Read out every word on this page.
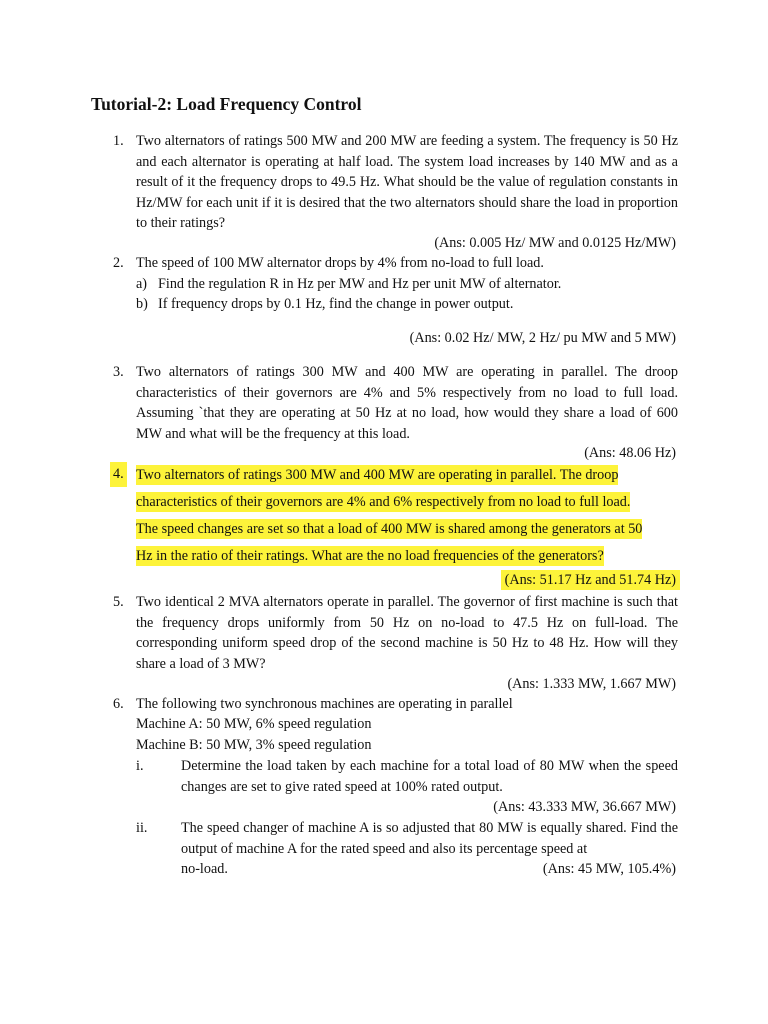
Tutorial-2: Load Frequency Control
1. Two alternators of ratings 500 MW and 200 MW are feeding a system. The frequency is 50 Hz and each alternator is operating at half load. The system load increases by 140 MW and as a result of it the frequency drops to 49.5 Hz. What should be the value of regulation constants in Hz/MW for each unit if it is desired that the two alternators should share the load in proportion to their ratings?
(Ans: 0.005 Hz/ MW and 0.0125 Hz/MW)
2. The speed of 100 MW alternator drops by 4% from no-load to full load.
a) Find the regulation R in Hz per MW and Hz per unit MW of alternator.
b) If frequency drops by 0.1 Hz, find the change in power output.
(Ans: 0.02 Hz/ MW, 2 Hz/ pu MW and 5 MW)
3. Two alternators of ratings 300 MW and 400 MW are operating in parallel. The droop characteristics of their governors are 4% and 5% respectively from no load to full load. Assuming `that they are operating at 50 Hz at no load, how would they share a load of 600 MW and what will be the frequency at this load.
(Ans: 48.06 Hz)
4. Two alternators of ratings 300 MW and 400 MW are operating in parallel. The droop
characteristics of their governors are 4% and 6% respectively from no load to full load.
The speed changes are set so that a load of 400 MW is shared among the generators at 50
Hz in the ratio of their ratings. What are the no load frequencies of the generators?
(Ans: 51.17 Hz and 51.74 Hz)
5. Two identical 2 MVA alternators operate in parallel. The governor of first machine is such that the frequency drops uniformly from 50 Hz on no-load to 47.5 Hz on full-load. The corresponding uniform speed drop of the second machine is 50 Hz to 48 Hz. How will they share a load of 3 MW?
(Ans: 1.333 MW, 1.667 MW)
6. The following two synchronous machines are operating in parallel
Machine A: 50 MW, 6% speed regulation
Machine B: 50 MW, 3% speed regulation
i.	Determine the load taken by each machine for a total load of 80 MW when the speed changes are set to give rated speed at 100% rated output.
(Ans: 43.333 MW, 36.667 MW)
ii. The speed changer of machine A is so adjusted that 80 MW is equally shared. Find the output of machine A for the rated speed and also its percentage speed at
no-load.	(Ans: 45 MW, 105.4%)
